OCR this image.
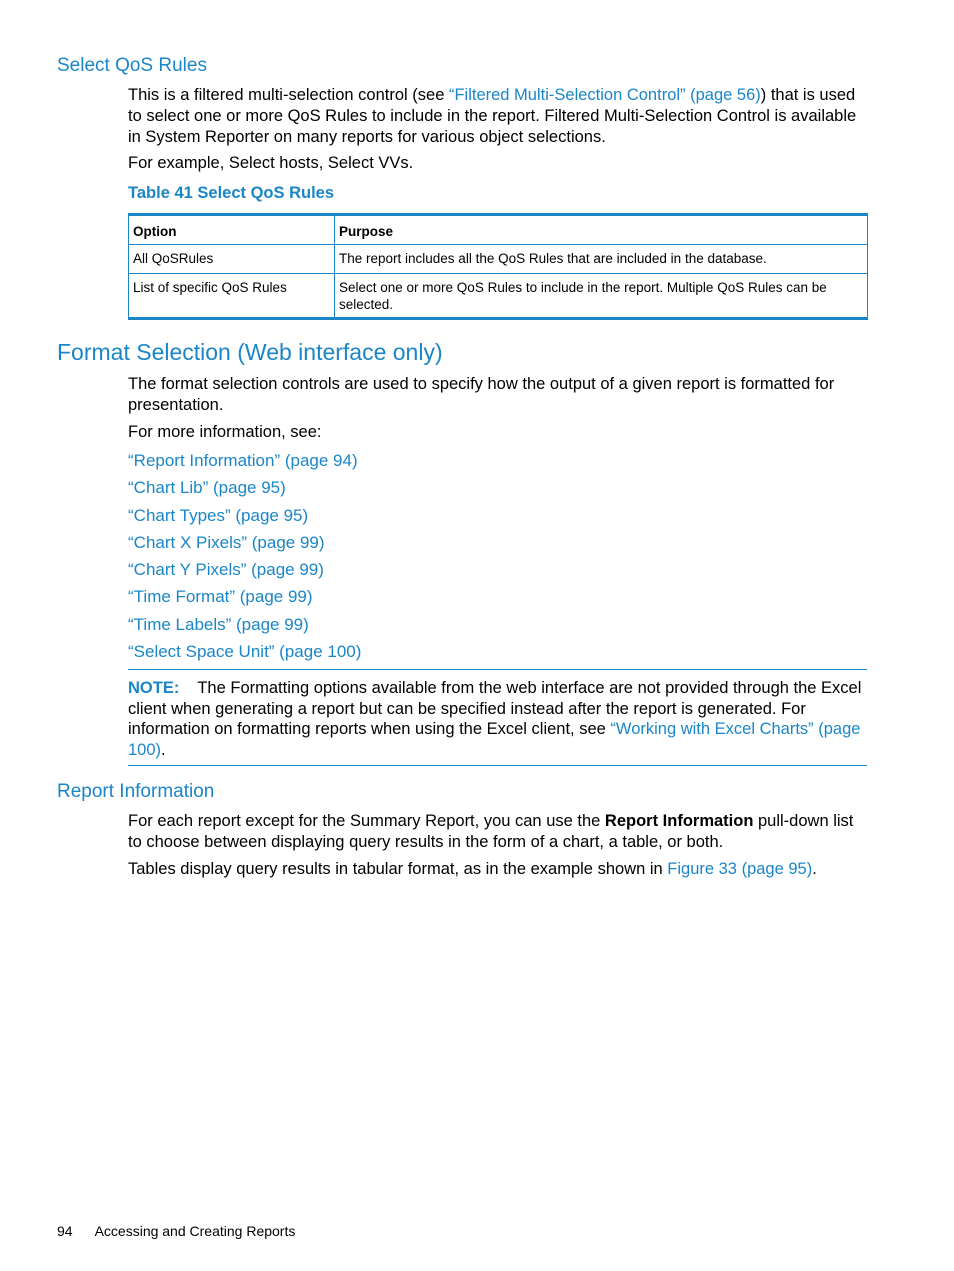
Select QoS Rules

This is a filtered multi-selection control (see “Filtered Multi-Selection Control” (page 56)) that is used to select one or more QoS Rules to include in the report. Filtered Multi-Selection Control is available in System Reporter on many reports for various object selections.

For example, Select hosts, Select VVs.

Table 41 Select QoS Rules

Option	Purpose
All QoSRules	The report includes all the QoS Rules that are included in the database.
List of specific QoS Rules	Select one or more QoS Rules to include in the report. Multiple QoS Rules can be selected.
Format Selection (Web interface only)

The format selection controls are used to specify how the output of a given report is formatted for presentation.

For more information, see:

“Report Information” (page 94)
“Chart Lib” (page 95)
“Chart Types” (page 95)
“Chart X Pixels” (page 99)
“Chart Y Pixels” (page 99)
“Time Format” (page 99)
“Time Labels” (page 99)
“Select Space Unit” (page 100)

NOTE: The Formatting options available from the web interface are not provided through the Excel client when generating a report but can be specified instead after the report is generated. For information on formatting reports when using the Excel client, see “Working with Excel Charts” (page 100).

Report Information

For each report except for the Summary Report, you can use the Report Information pull-down list to choose between displaying query results in the form of a chart, a table, or both.

Tables display query results in tabular format, as in the example shown in Figure 33 (page 95).

94 Accessing and Creating Reports
